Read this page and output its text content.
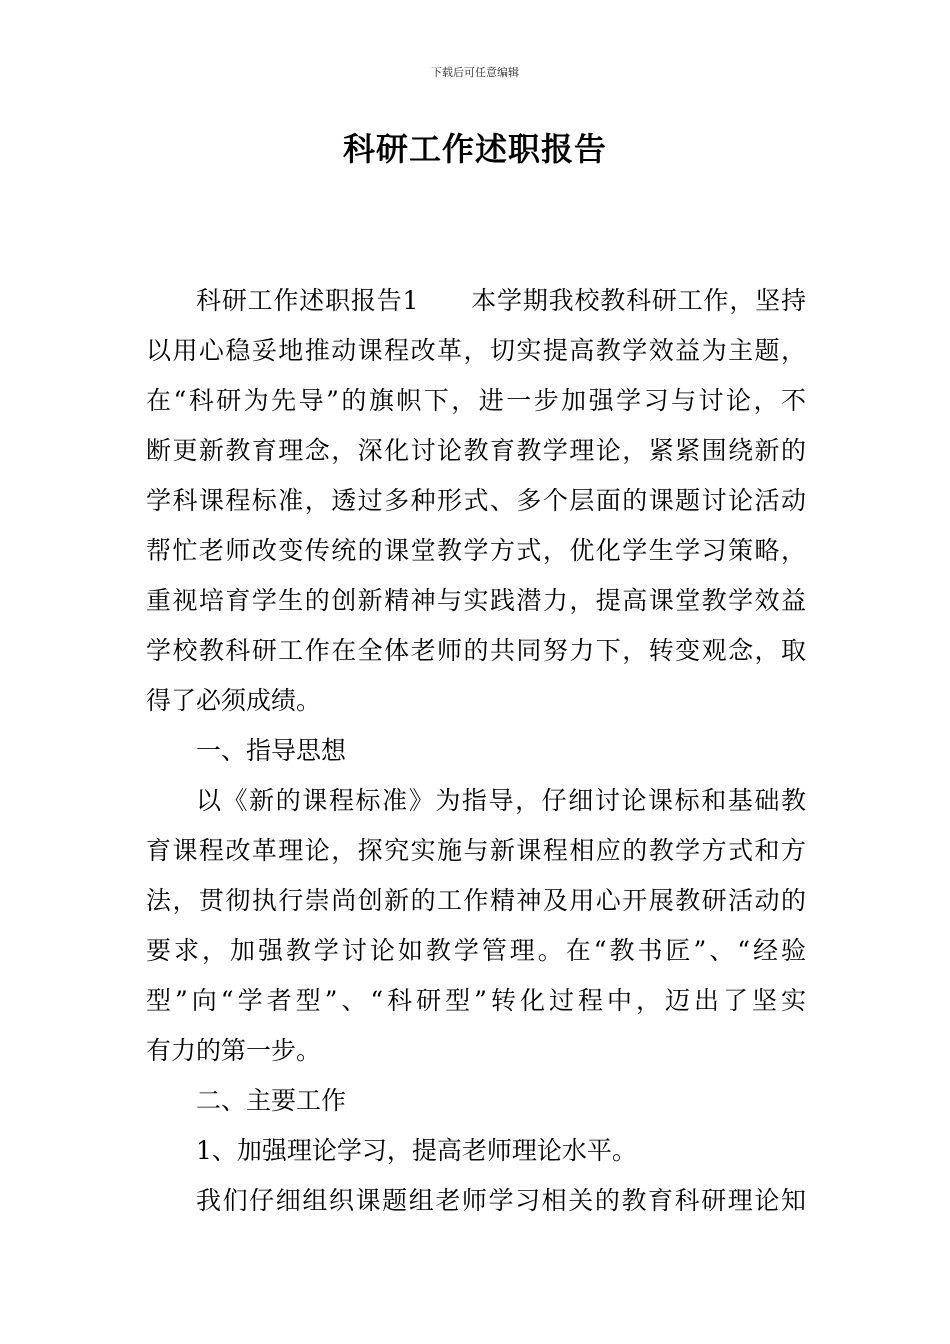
下载后可任意编辑
科研工作述职报告
科研工作述职报告1 本学期我校教科研工作，坚持
以用心稳妥地推动课程改革，切实提高教学效益为主题，
在“科研为先导”的旗帜下，进一步加强学习与讨论，不
断更新教育理念，深化讨论教育教学理论，紧紧围绕新的
学科课程标准，透过多种形式、多个层面的课题讨论活动
帮忙老师改变传统的课堂教学方式，优化学生学习策略，
重视培育学生的创新精神与实践潜力，提高课堂教学效益
学校教科研工作在全体老师的共同努力下，转变观念，取
得了必须成绩。
一、指导思想
以《新的课程标准》为指导，仔细讨论课标和基础教
育课程改革理论，探究实施与新课程相应的教学方式和方
法，贯彻执行崇尚创新的工作精神及用心开展教研活动的
要求，加强教学讨论如教学管理。在“教书匠”、“经验
型”向“学者型”、“科研型”转化过程中，迈出了坚实
有力的第一步。
二、主要工作
1、加强理论学习，提高老师理论水平。
我们仔细组织课题组老师学习相关的教育科研理论知
